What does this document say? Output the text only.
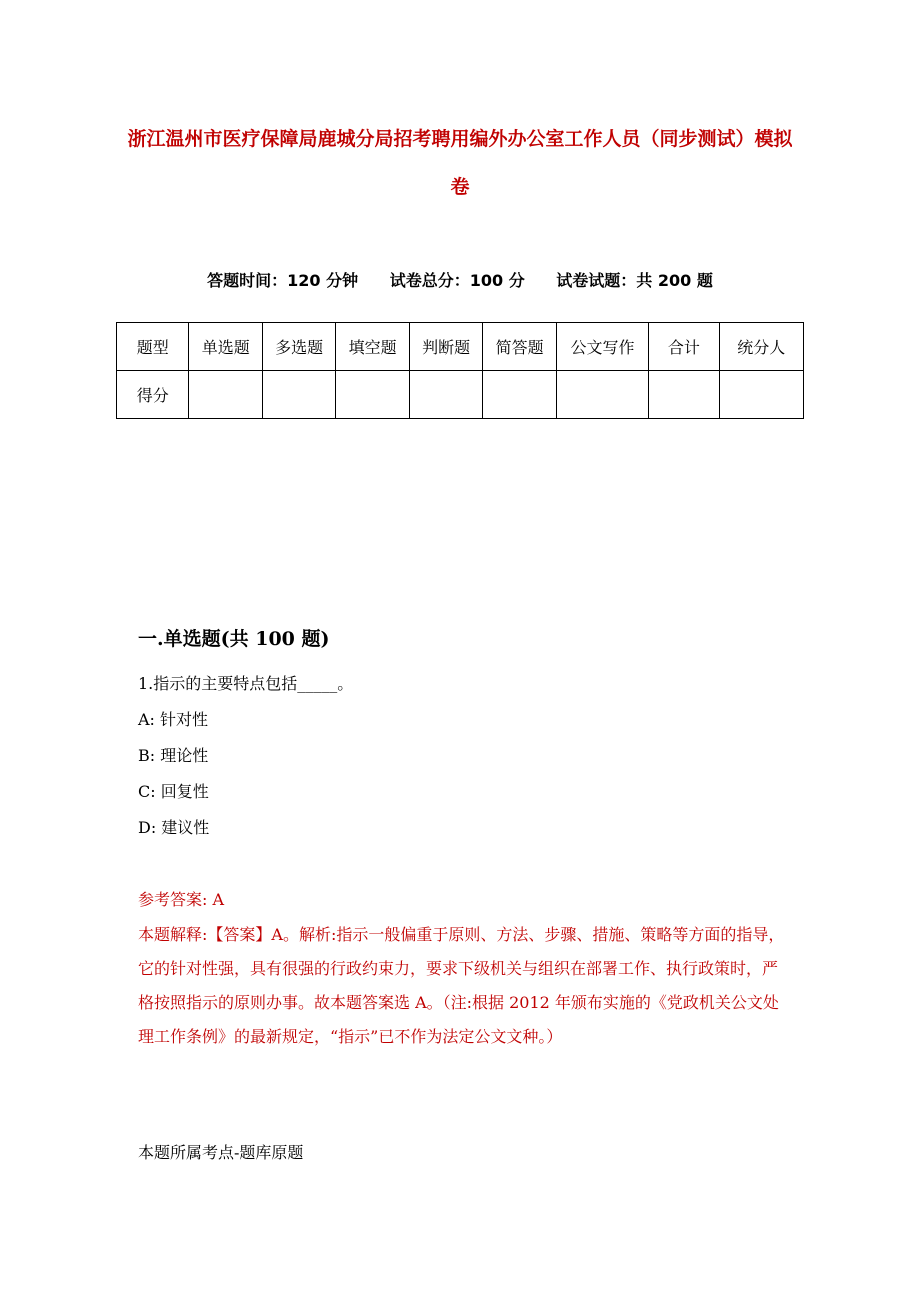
浙江温州市医疗保障局鹿城分局招考聘用编外办公室工作人员（同步测试）模拟卷
答题时间：120 分钟 试卷总分：100 分 试卷试题：共 200 题
题型	单选题	多选题	填空题	判断题	简答题	公文写作	合计	统分人
得分								
一.单选题(共 100 题)
1.指示的主要特点包括_____。
A: 针对性
B: 理论性
C: 回复性
D: 建议性
参考答案: A
本题解释:【答案】A。解析:指示一般偏重于原则、方法、步骤、措施、策略等方面的指导，它的针对性强，具有很强的行政约束力，要求下级机关与组织在部署工作、执行政策时，严格按照指示的原则办事。故本题答案选 A。（注:根据 2012 年颁布实施的《党政机关公文处理工作条例》的最新规定，“指示”已不作为法定公文文种。）
本题所属考点-题库原题
